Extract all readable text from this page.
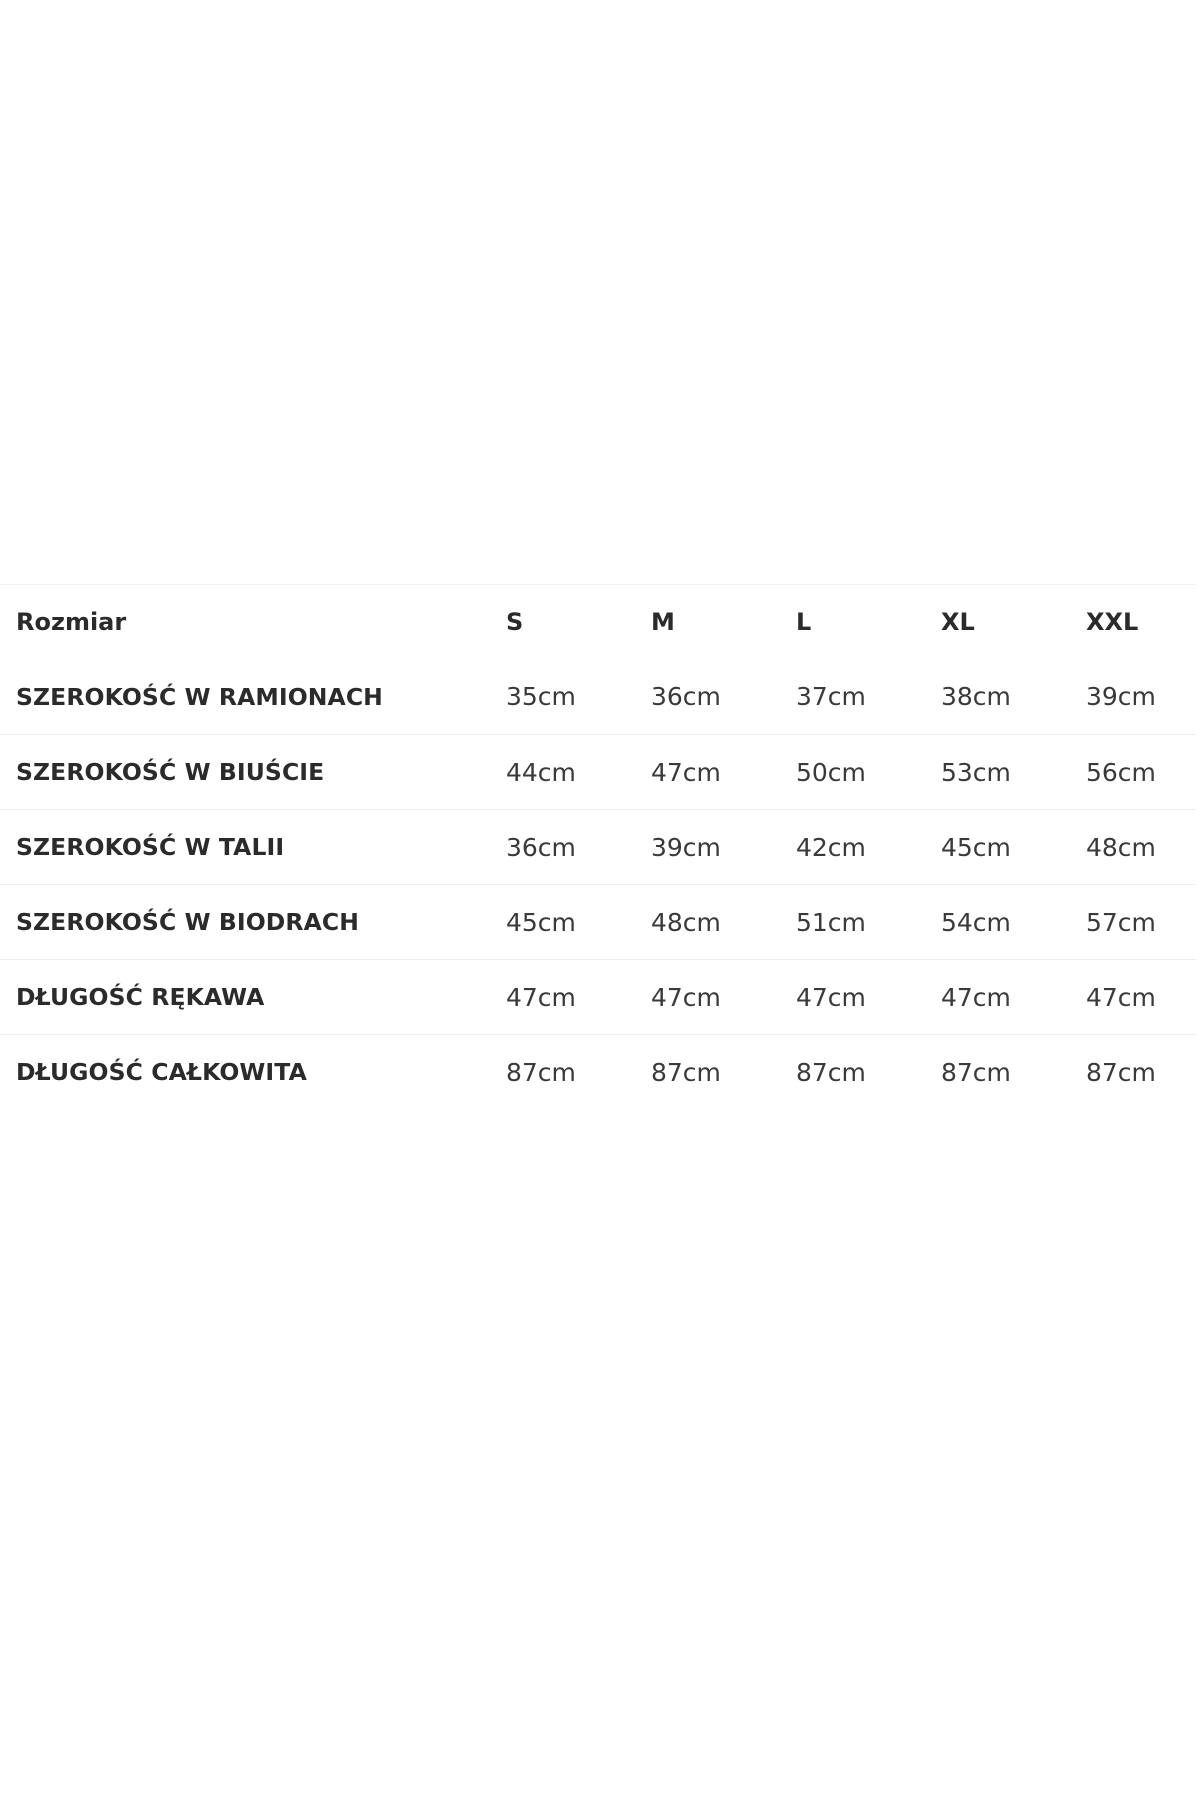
Rozmiar	S	M	L	XL	XXL
SZEROKOŚĆ W RAMIONACH	35cm	36cm	37cm	38cm	39cm
SZEROKOŚĆ W BIUŚCIE	44cm	47cm	50cm	53cm	56cm
SZEROKOŚĆ W TALII	36cm	39cm	42cm	45cm	48cm
SZEROKOŚĆ W BIODRACH	45cm	48cm	51cm	54cm	57cm
DŁUGOŚĆ RĘKAWA	47cm	47cm	47cm	47cm	47cm
DŁUGOŚĆ CAŁKOWITA	87cm	87cm	87cm	87cm	87cm
